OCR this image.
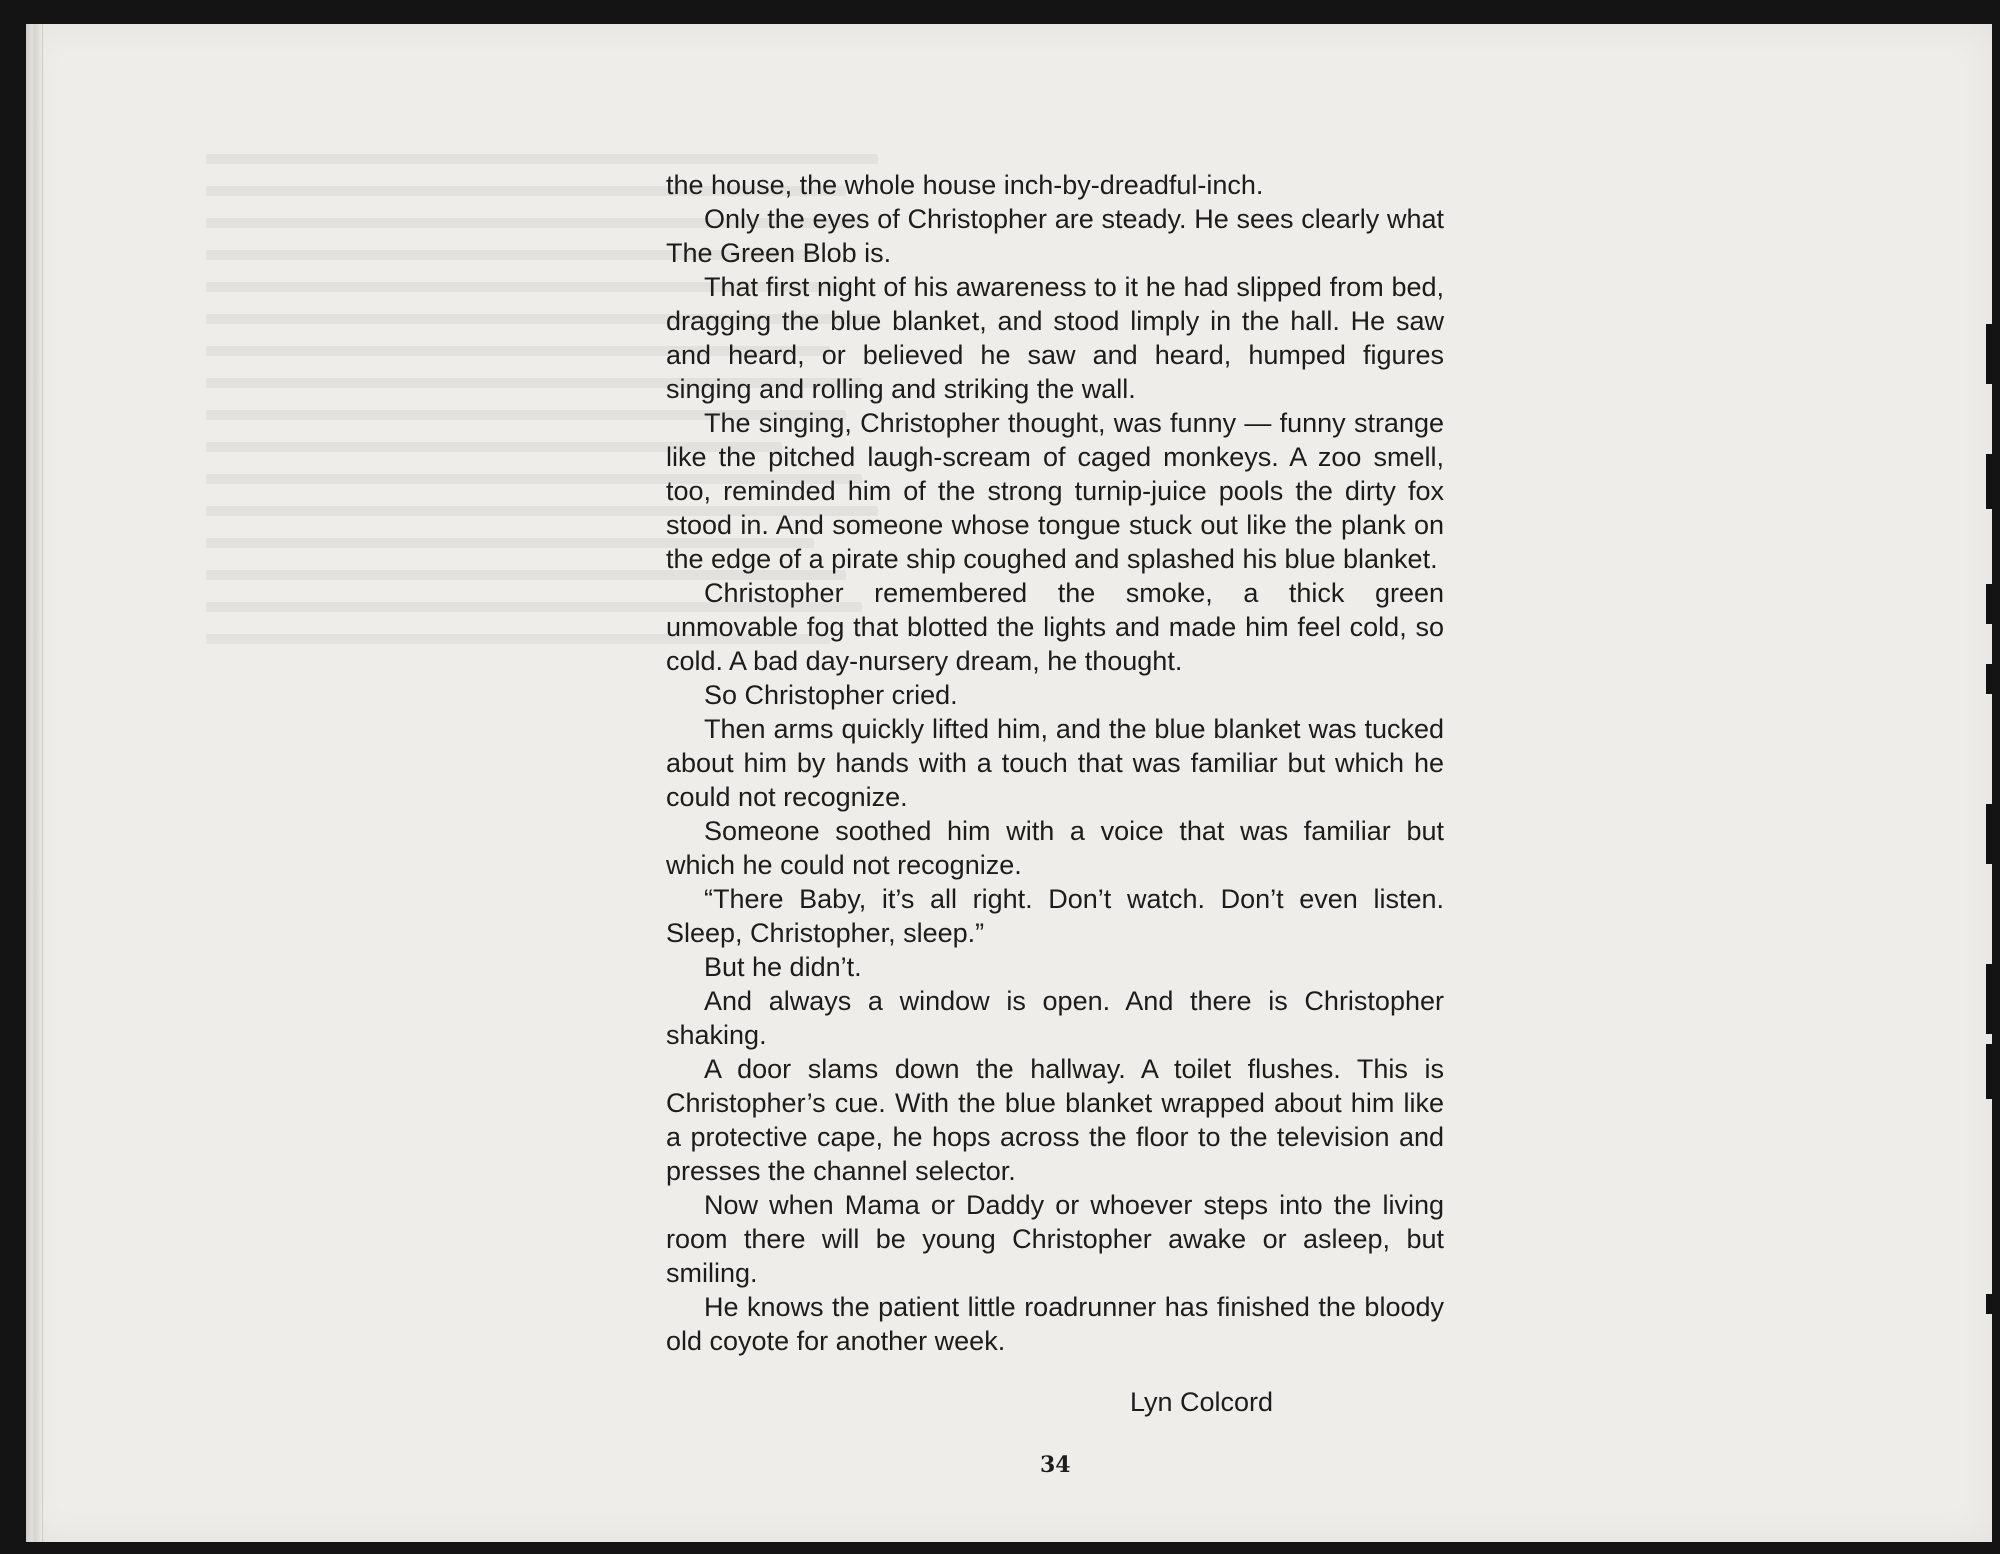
the house, the whole house inch-by-dreadful-inch.

Only the eyes of Christopher are steady. He sees clearly what The Green Blob is.

That first night of his awareness to it he had slipped from bed, dragging the blue blanket, and stood limply in the hall. He saw and heard, or believed he saw and heard, humped figures singing and rolling and striking the wall.

The singing, Christopher thought, was funny — funny strange like the pitched laugh-scream of caged monkeys. A zoo smell, too, reminded him of the strong turnip-juice pools the dirty fox stood in. And someone whose tongue stuck out like the plank on the edge of a pirate ship coughed and splashed his blue blanket.

Christopher remembered the smoke, a thick green unmovable fog that blotted the lights and made him feel cold, so cold. A bad day-nursery dream, he thought.

So Christopher cried.

Then arms quickly lifted him, and the blue blanket was tucked about him by hands with a touch that was familiar but which he could not recognize.

Someone soothed him with a voice that was familiar but which he could not recognize.

“There Baby, it’s all right. Don’t watch. Don’t even listen. Sleep, Christopher, sleep.”

But he didn’t.

And always a window is open. And there is Christopher shaking.

A door slams down the hallway. A toilet flushes. This is Christopher’s cue. With the blue blanket wrapped about him like a protective cape, he hops across the floor to the television and presses the channel selector.

Now when Mama or Daddy or whoever steps into the living room there will be young Christopher awake or asleep, but smiling.

He knows the patient little roadrunner has finished the bloody old coyote for another week.

Lyn Colcord
34
